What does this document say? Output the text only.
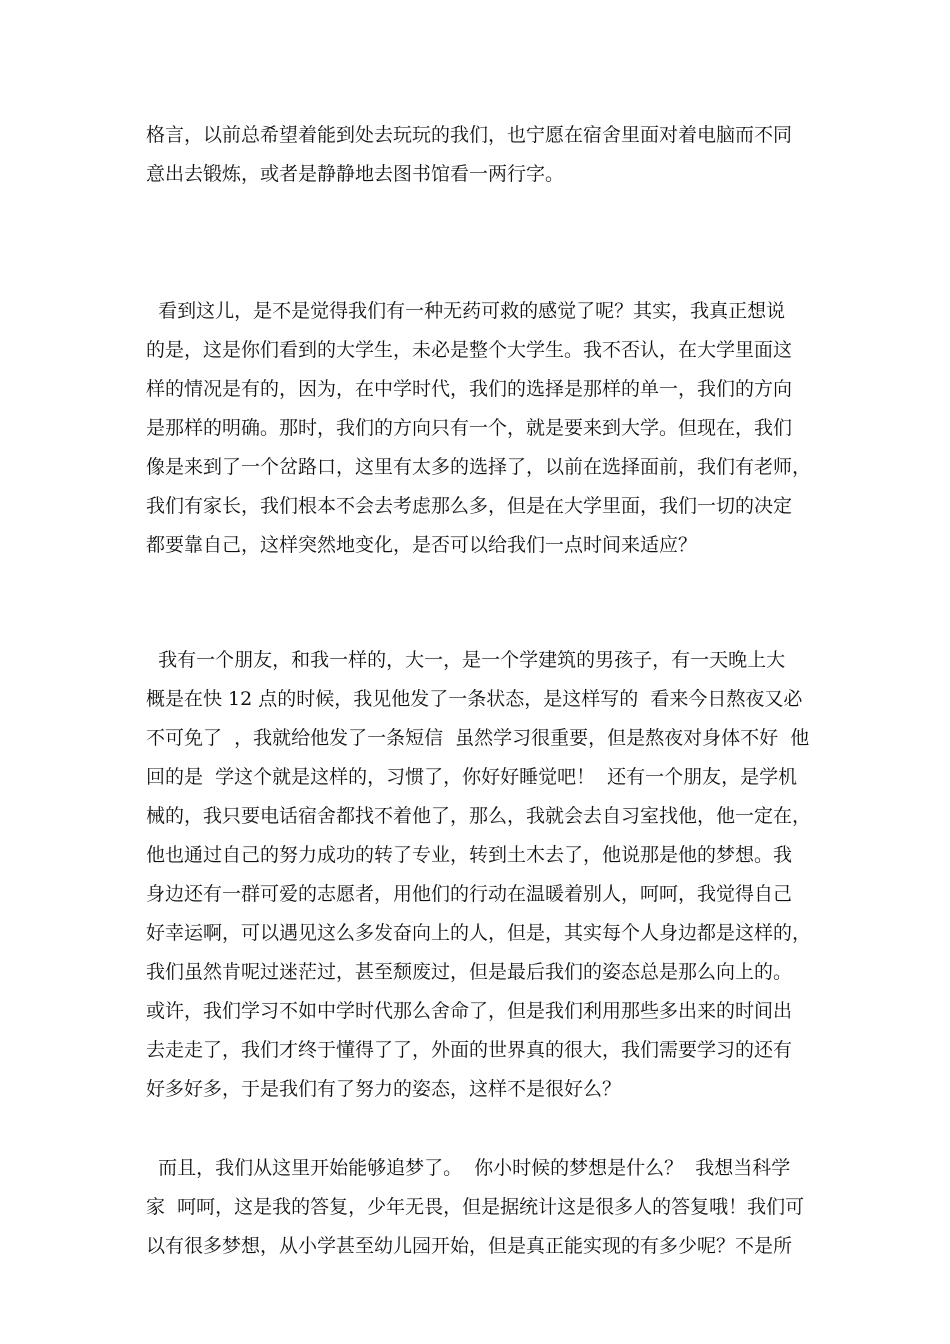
格言，以前总希望着能到处去玩玩的我们，也宁愿在宿舍里面对着电脑而不同
意出去锻炼，或者是静静地去图书馆看一两行字。
看到这儿，是不是觉得我们有一种无药可救的感觉了呢？其实，我真正想说
的是，这是你们看到的大学生，未必是整个大学生。我不否认，在大学里面这
样的情况是有的，因为，在中学时代，我们的选择是那样的单一，我们的方向
是那样的明确。那时，我们的方向只有一个，就是要来到大学。但现在，我们
像是来到了一个岔路口，这里有太多的选择了，以前在选择面前，我们有老师，
我们有家长，我们根本不会去考虑那么多，但是在大学里面，我们一切的决定
都要靠自己，这样突然地变化，是否可以给我们一点时间来适应？
我有一个朋友，和我一样的，大一，是一个学建筑的男孩子，有一天晚上大
概是在快 12 点的时候，我见他发了一条状态，是这样写的  看来今日熬夜又必
不可免了  ，我就给他发了一条短信  虽然学习很重要，但是熬夜对身体不好  他
回的是  学这个就是这样的，习惯了，你好好睡觉吧！  还有一个朋友，是学机
械的，我只要电话宿舍都找不着他了，那么，我就会去自习室找他，他一定在，
他也通过自己的努力成功的转了专业，转到土木去了，他说那是他的梦想。我
身边还有一群可爱的志愿者，用他们的行动在温暖着别人，呵呵，我觉得自己
好幸运啊，可以遇见这么多发奋向上的人，但是，其实每个人身边都是这样的，
我们虽然肯呢过迷茫过，甚至颓废过，但是最后我们的姿态总是那么向上的。
或许，我们学习不如中学时代那么舍命了，但是我们利用那些多出来的时间出
去走走了，我们才终于懂得了了，外面的世界真的很大，我们需要学习的还有
好多好多，于是我们有了努力的姿态，这样不是很好么？
而且，我们从这里开始能够追梦了。  你小时候的梦想是什么？  我想当科学
家  呵呵，这是我的答复，少年无畏，但是据统计这是很多人的答复哦！我们可
以有很多梦想，从小学甚至幼儿园开始，但是真正能实现的有多少呢？不是所
